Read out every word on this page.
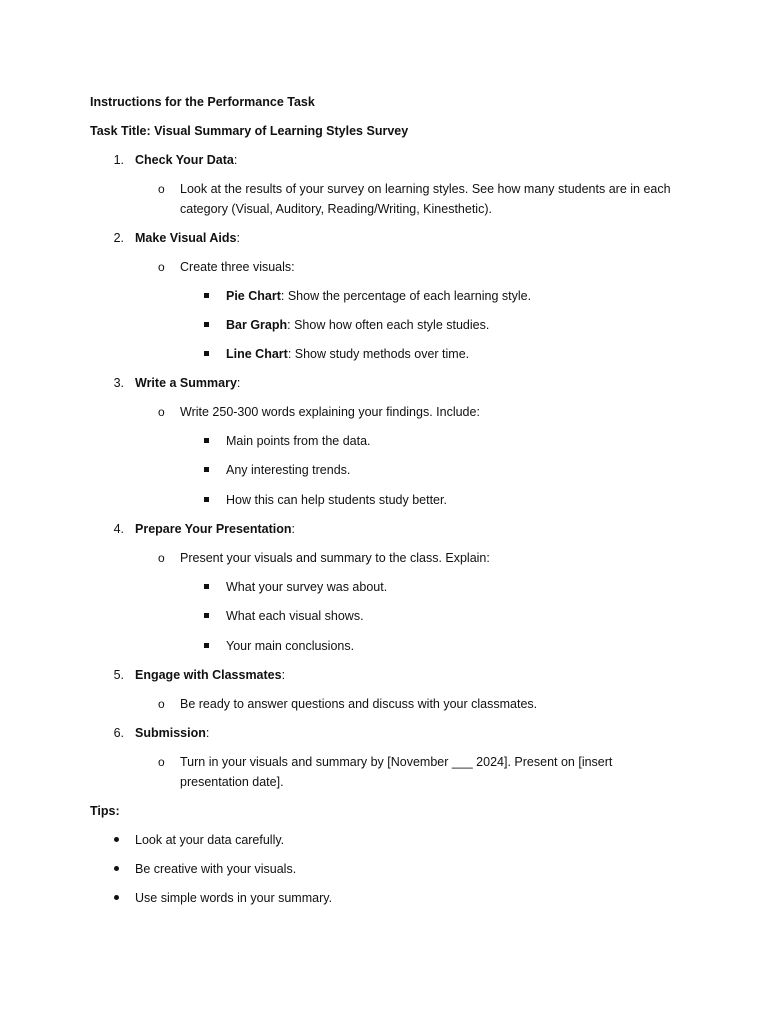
Instructions for the Performance Task
Task Title: Visual Summary of Learning Styles Survey
1. Check Your Data:
o Look at the results of your survey on learning styles. See how many students are in each
category (Visual, Auditory, Reading/Writing, Kinesthetic).
2. Make Visual Aids:
o Create three visuals:
Pie Chart: Show the percentage of each learning style.
Bar Graph: Show how often each style studies.
Line Chart: Show study methods over time.
3. Write a Summary:
o Write 250-300 words explaining your findings. Include:
Main points from the data.
Any interesting trends.
How this can help students study better.
4. Prepare Your Presentation:
o Present your visuals and summary to the class. Explain:
What your survey was about.
What each visual shows.
Your main conclusions.
5. Engage with Classmates:
o Be ready to answer questions and discuss with your classmates.
6. Submission:
o Turn in your visuals and summary by [November ___ 2024]. Present on [insert
presentation date].
Tips:
Look at your data carefully.
Be creative with your visuals.
Use simple words in your summary.
